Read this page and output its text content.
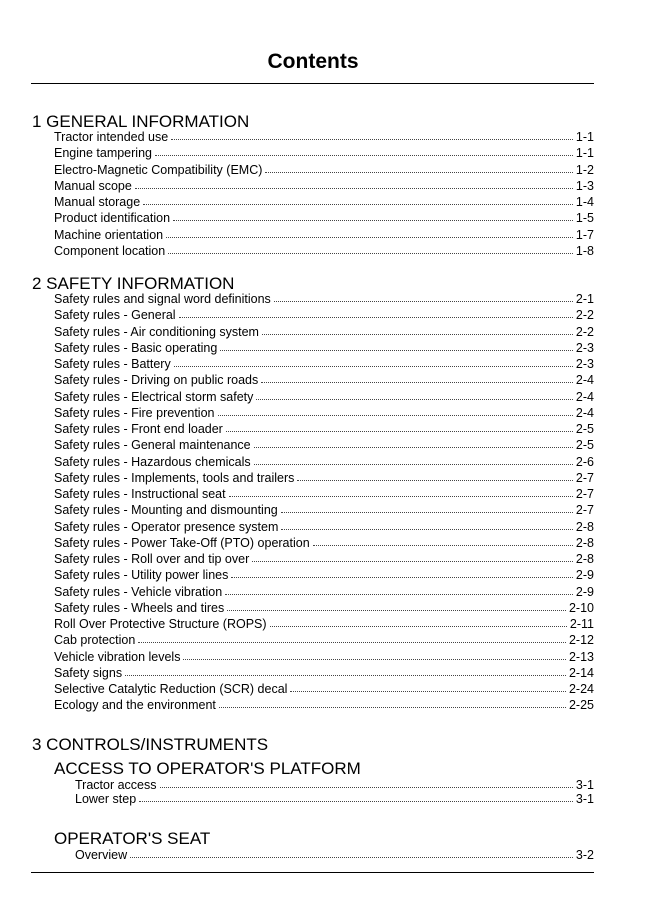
Contents
1 GENERAL INFORMATION
Tractor intended use	1-1
Engine tampering	1-1
Electro-Magnetic Compatibility (EMC)	1-2
Manual scope	1-3
Manual storage	1-4
Product identification	1-5
Machine orientation	1-7
Component location	1-8
2 SAFETY INFORMATION
Safety rules and signal word definitions	2-1
Safety rules - General	2-2
Safety rules - Air conditioning system	2-2
Safety rules - Basic operating	2-3
Safety rules - Battery	2-3
Safety rules - Driving on public roads	2-4
Safety rules - Electrical storm safety	2-4
Safety rules - Fire prevention	2-4
Safety rules - Front end loader	2-5
Safety rules - General maintenance	2-5
Safety rules - Hazardous chemicals	2-6
Safety rules - Implements, tools and trailers	2-7
Safety rules - Instructional seat	2-7
Safety rules - Mounting and dismounting	2-7
Safety rules - Operator presence system	2-8
Safety rules - Power Take-Off (PTO) operation	2-8
Safety rules - Roll over and tip over	2-8
Safety rules - Utility power lines	2-9
Safety rules - Vehicle vibration	2-9
Safety rules - Wheels and tires	2-10
Roll Over Protective Structure (ROPS)	2-11
Cab protection	2-12
Vehicle vibration levels	2-13
Safety signs	2-14
Selective Catalytic Reduction (SCR) decal	2-24
Ecology and the environment	2-25
3 CONTROLS/INSTRUMENTS
ACCESS TO OPERATOR'S PLATFORM
Tractor access	3-1
Lower step	3-1
OPERATOR'S SEAT
Overview	3-2
